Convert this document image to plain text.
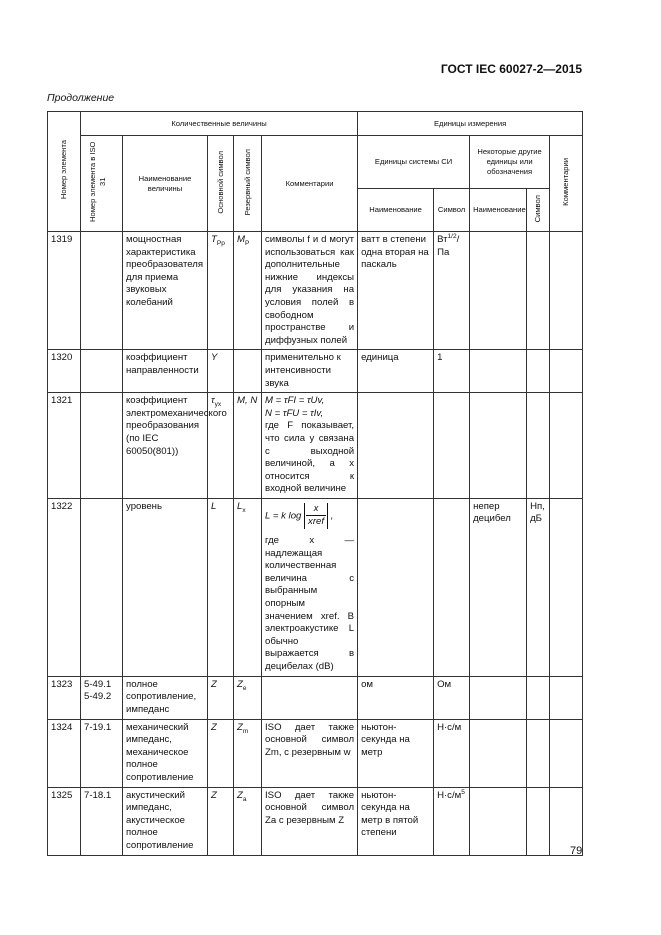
ГОСТ IEC 60027-2—2015
Продолжение
Номер элемента	Количественные величины					Единицы измерения				
	Номер элемента в ISO 31	Наименование величины	Основной символ	Резервный символ	Комментарии	Единицы системы СИ		Некоторые другие единицы или обозначения		Комментарии
						Наименование	Символ	Наименование	Символ	
1319		мощностная характеристика преобразователя для приема звуковых колебаний	$T_{Pp}$	$M_P$	символы f и d могут использоваться как дополнительные нижние индексы для указания на условия полей в свободном пространстве и диффузных полей	ватт в степени одна вторая на паскаль	$Вт^{1/2}/Па$			
1320		коэффициент направленности	Y		применительно к интенсивности звука	единица	1			
1321		коэффициент электромеханического преобразования (по IEC 60050(801))	$\tau_{yx}$	M, N	M = τFI = τUv,
N = τFU = τIv,
где F показывает, что сила y связана с выходной величиной, а x относится к входной величине					

1322		уровень	L	$L_x$	L = k $\log \frac{x}{\text{xref}}$ ,
где x — надлежащая количественная величина с выбранным опорным значением xref. В электроакустике L обычно выражается в децибелах (dB)			непер децибел	Нп, дБ	
1323	5-49.1 5-49.2	полное сопротивление, импеданс	Z	$Z_e$		ом	Ом			
1324	7-19.1	механический импеданс, механическое полное сопротивление	Z	$Z_m$	ISO дает также основной символ Zm, с резервным w	ньютон-секунда на метр	Н·с/м			
1325	7-18.1	акустический импеданс, акустическое полное сопротивление	Z	$Z_a$	ISO дает также основной символ Za с резервным Z	ньютон-секунда на метр в пятой степени	$Н\cdot с/м^5$			
79
